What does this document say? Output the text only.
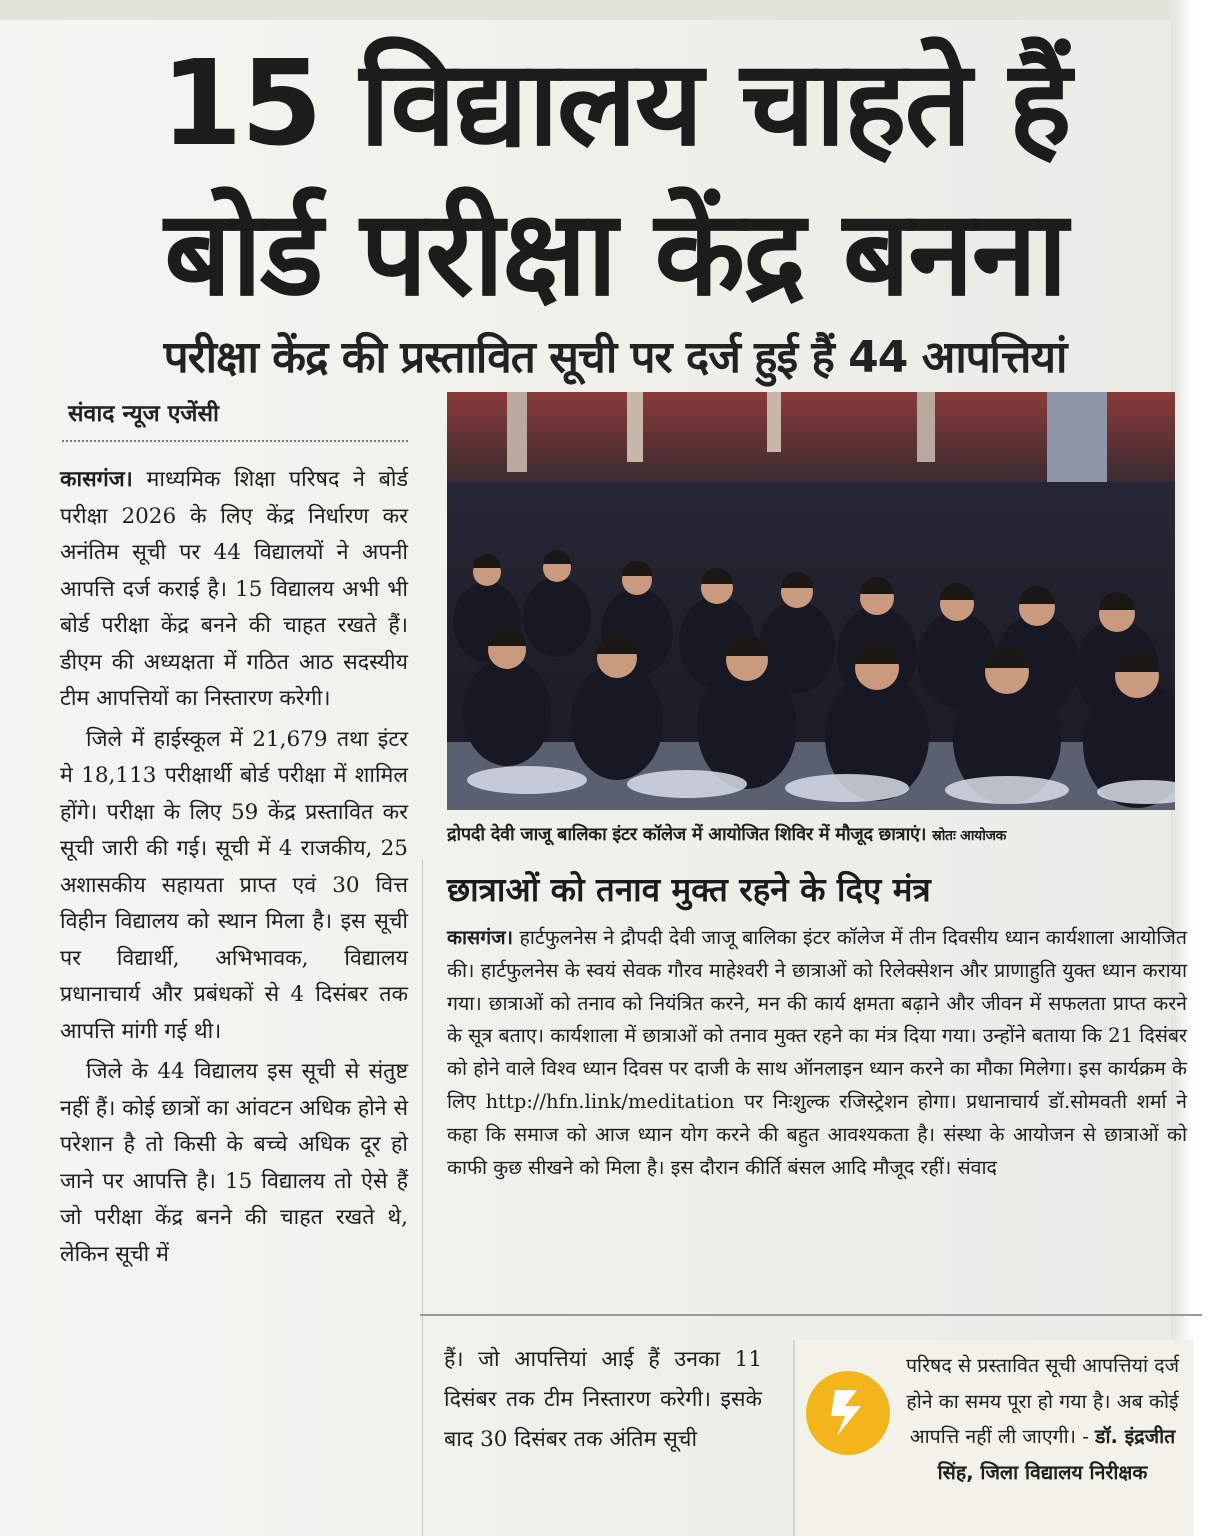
15 विद्यालय चाहते हैं
बोर्ड परीक्षा केंद्र बनना
परीक्षा केंद्र की प्रस्तावित सूची पर दर्ज हुई हैं 44 आपत्तियां
संवाद न्यूज एजेंसी

कासगंज। माध्यमिक शिक्षा परिषद ने बोर्ड परीक्षा 2026 के लिए केंद्र निर्धारण कर अनंतिम सूची पर 44 विद्यालयों ने अपनी आपत्ति दर्ज कराई है। 15 विद्यालय अभी भी बोर्ड परीक्षा केंद्र बनने की चाहत रखते हैं। डीएम की अध्यक्षता में गठित आठ सदस्यीय टीम आपत्तियों का निस्तारण करेगी।

जिले में हाईस्कूल में 21,679 तथा इंटर मे 18,113 परीक्षार्थी बोर्ड परीक्षा में शामिल होंगे। परीक्षा के लिए 59 केंद्र प्रस्तावित कर सूची जारी की गई। सूची में 4 राजकीय, 25 अशासकीय सहायता प्राप्त एवं 30 वित्त विहीन विद्यालय को स्थान मिला है। इस सूची पर विद्यार्थी, अभिभावक, विद्यालय प्रधानाचार्य और प्रबंधकों से 4 दिसंबर तक आपत्ति मांगी गई थी।

जिले के 44 विद्यालय इस सूची से संतुष्ट नहीं हैं। कोई छात्रों का आंवटन अधिक होने से परेशान है तो किसी के बच्चे अधिक दूर हो जाने पर आपत्ति है। 15 विद्यालय तो ऐसे हैं जो परीक्षा केंद्र बनने की चाहत रखते थे, लेकिन सूची में

द्रोपदी देवी जाजू बालिका इंटर कॉलेज में आयोजित शिविर में मौजूद छात्राएं। स्रोतः आयोजक
छात्राओं को तनाव मुक्त रहने के दिए मंत्र
कासगंज। हार्टफुलनेस ने द्रौपदी देवी जाजू बालिका इंटर कॉलेज में तीन दिवसीय ध्यान कार्यशाला आयोजित की। हार्टफुलनेस के स्वयं सेवक गौरव माहेश्वरी ने छात्राओं को रिलेक्सेशन और प्राणाहुति युक्त ध्यान कराया गया। छात्राओं को तनाव को नियंत्रित करने, मन की कार्य क्षमता बढ़ाने और जीवन में सफलता प्राप्त करने के सूत्र बताए। कार्यशाला में छात्राओं को तनाव मुक्त रहने का मंत्र दिया गया। उन्होंने बताया कि 21 दिसंबर को होने वाले विश्व ध्यान दिवस पर दाजी के साथ ऑनलाइन ध्यान करने का मौका मिलेगा। इस कार्यक्रम के लिए http://hfn.link/meditation पर निःशुल्क रजिस्ट्रेशन होगा। प्रधानाचार्य डॉ.सोमवती शर्मा ने कहा कि समाज को आज ध्यान योग करने की बहुत आवश्यकता है। संस्था के आयोजन से छात्राओं को काफी कुछ सीखने को मिला है। इस दौरान कीर्ति बंसल आदि मौजूद रहीं। संवाद
हैं। जो आपत्तियां आई हैं उनका 11 दिसंबर तक टीम निस्तारण करेगी। इसके बाद 30 दिसंबर तक अंतिम सूची
परिषद से प्रस्तावित सूची आपत्तियां दर्ज होने का समय पूरा हो गया है। अब कोई आपत्ति नहीं ली जाएगी। - डॉ. इंद्रजीत सिंह, जिला विद्यालय निरीक्षक
